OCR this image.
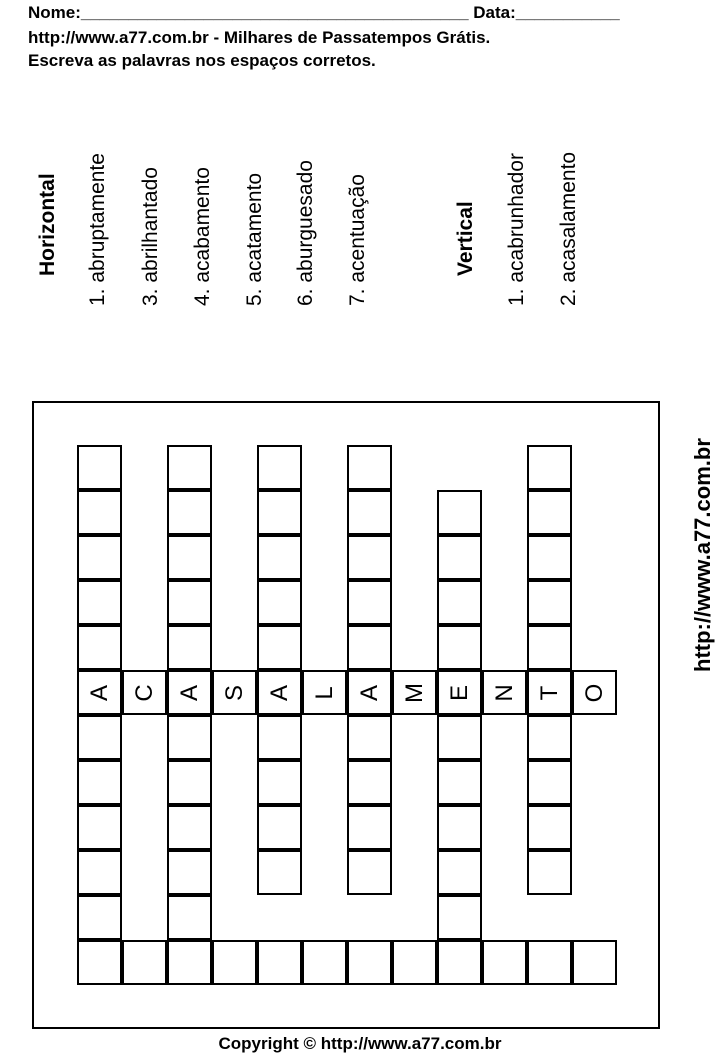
Nome:_________________________________________ Data:___________
http://www.a77.com.br - Milhares de Passatempos Grátis.
Escreva as palavras nos espaços corretos.
Horizontal 1. abruptamente 3. abrilhantado 4. acabamento 5. acatamento 6. aburguesado 7. acentuação	Vertical 1. acabrunhador 2. acasalamento
A	A	A	A	E	T
C	S	L	M	N	O
http://www.a77.com.br
Copyright © http://www.a77.com.br
